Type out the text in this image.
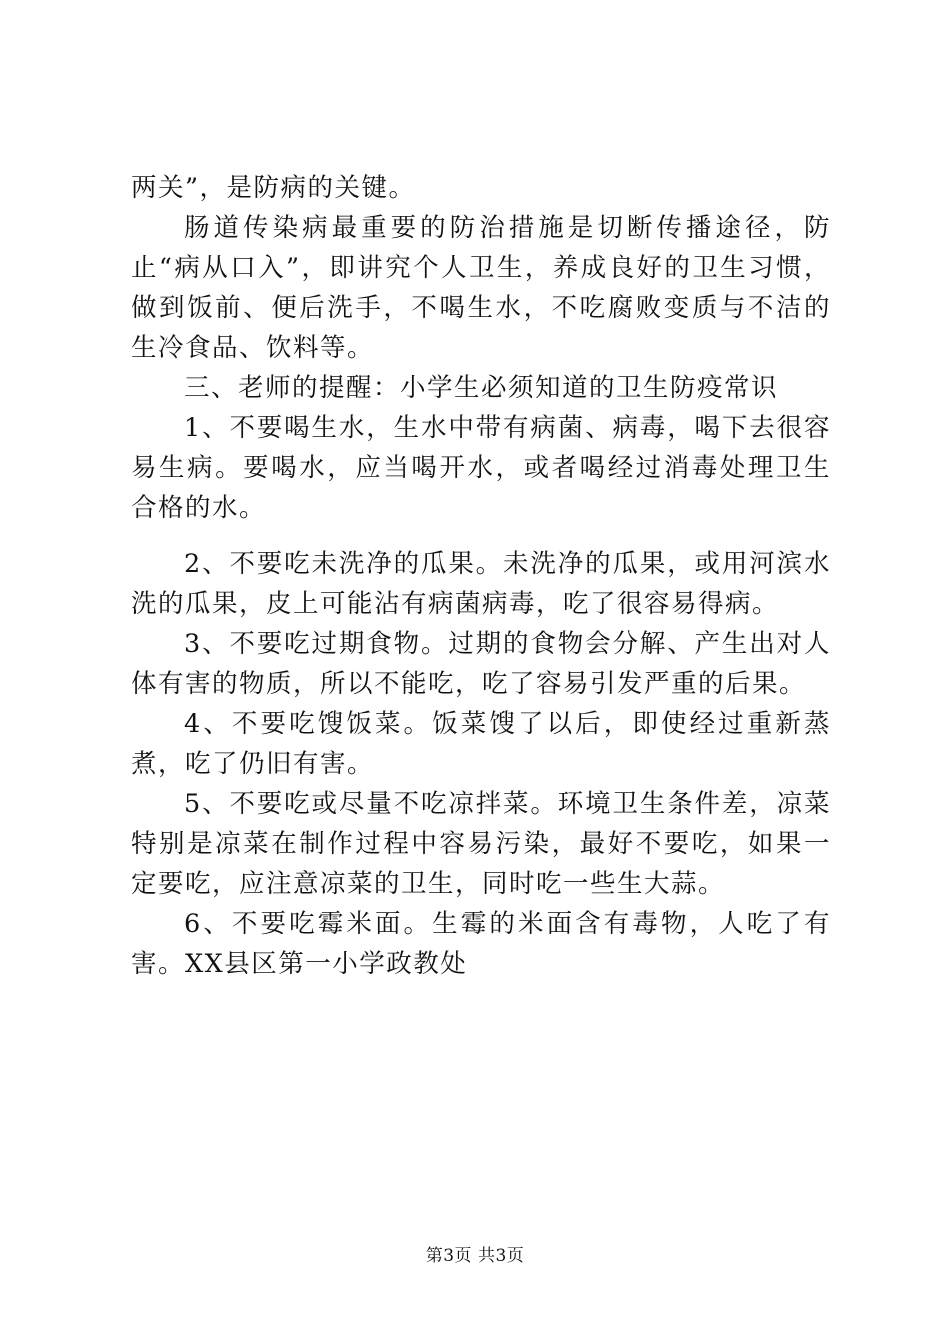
两关”，是防病的关键。

肠道传染病最重要的防治措施是切断传播途径，防止“病从口入”，即讲究个人卫生，养成良好的卫生习惯，做到饭前、便后洗手，不喝生水，不吃腐败变质与不洁的生冷食品、饮料等。

三、老师的提醒：小学生必须知道的卫生防疫常识

1、不要喝生水，生水中带有病菌、病毒，喝下去很容易生病。要喝水，应当喝开水，或者喝经过消毒处理卫生合格的水。

2、不要吃未洗净的瓜果。未洗净的瓜果，或用河滨水洗的瓜果，皮上可能沾有病菌病毒，吃了很容易得病。

3、不要吃过期食物。过期的食物会分解、产生出对人体有害的物质，所以不能吃，吃了容易引发严重的后果。

4、不要吃馊饭菜。饭菜馊了以后，即使经过重新蒸煮，吃了仍旧有害。

5、不要吃或尽量不吃凉拌菜。环境卫生条件差，凉菜特别是凉菜在制作过程中容易污染，最好不要吃，如果一定要吃，应注意凉菜的卫生，同时吃一些生大蒜。

6、不要吃霉米面。生霉的米面含有毒物，人吃了有害。XX县区第一小学政教处

第3页 共3页
